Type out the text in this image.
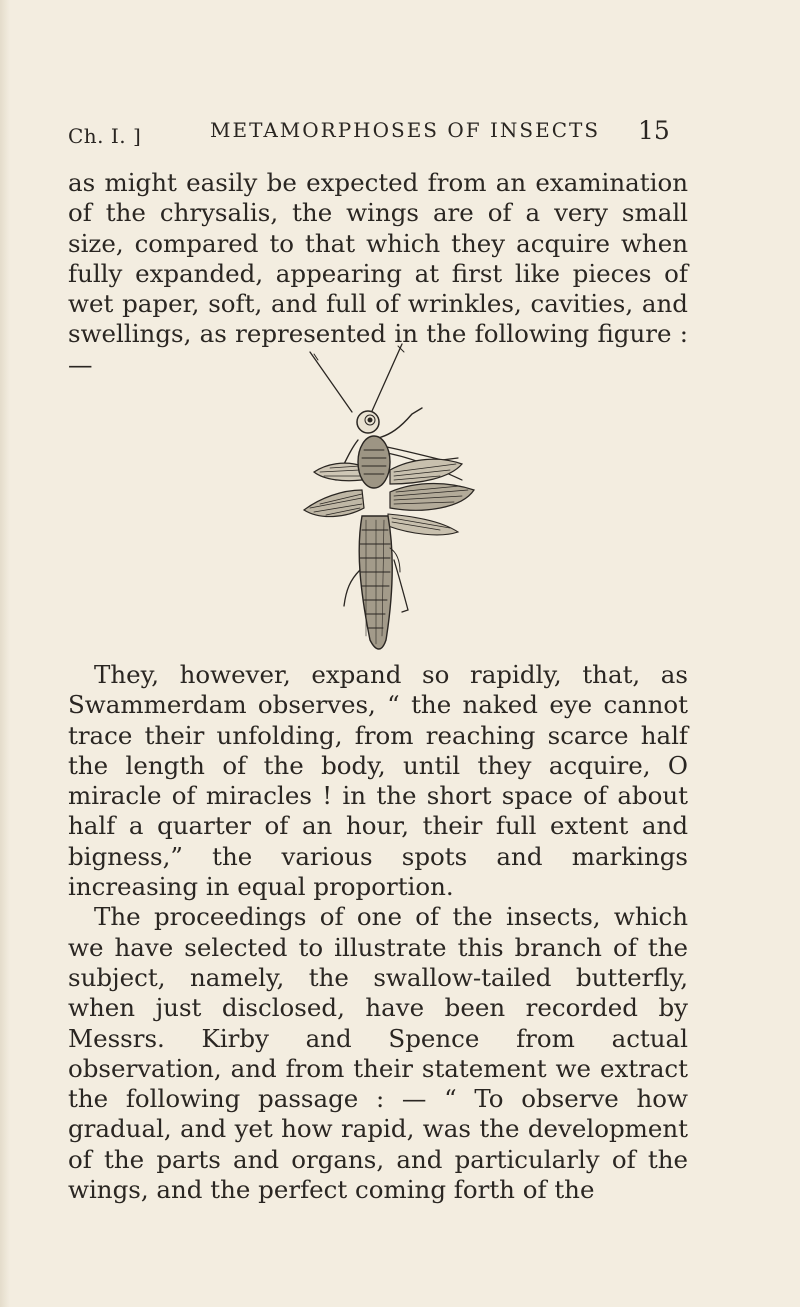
Ch. I. ]	METAMORPHOSES OF INSECTS 15

as might easily be expected from an examination of the chrysalis, the wings are of a very small size, compared to that which they acquire when fully expanded, appearing at first like pieces of wet paper, soft, and full of wrinkles, cavities, and swellings, as represented in the following figure :—

They, however, expand so rapidly, that, as Swammerdam observes, “ the naked eye cannot trace their unfolding, from reaching scarce half the length of the body, until they acquire, O miracle of miracles ! in the short space of about half a quarter of an hour, their full extent and bigness,” the various spots and markings increasing in equal proportion.

The proceedings of one of the insects, which we have selected to illustrate this branch of the subject, namely, the swallow-tailed butterfly, when just disclosed, have been recorded by Messrs. Kirby and Spence from actual observation, and from their statement we extract the following passage : — “ To observe how gradual, and yet how rapid, was the development of the parts and organs, and particularly of the wings, and the perfect coming forth of the
